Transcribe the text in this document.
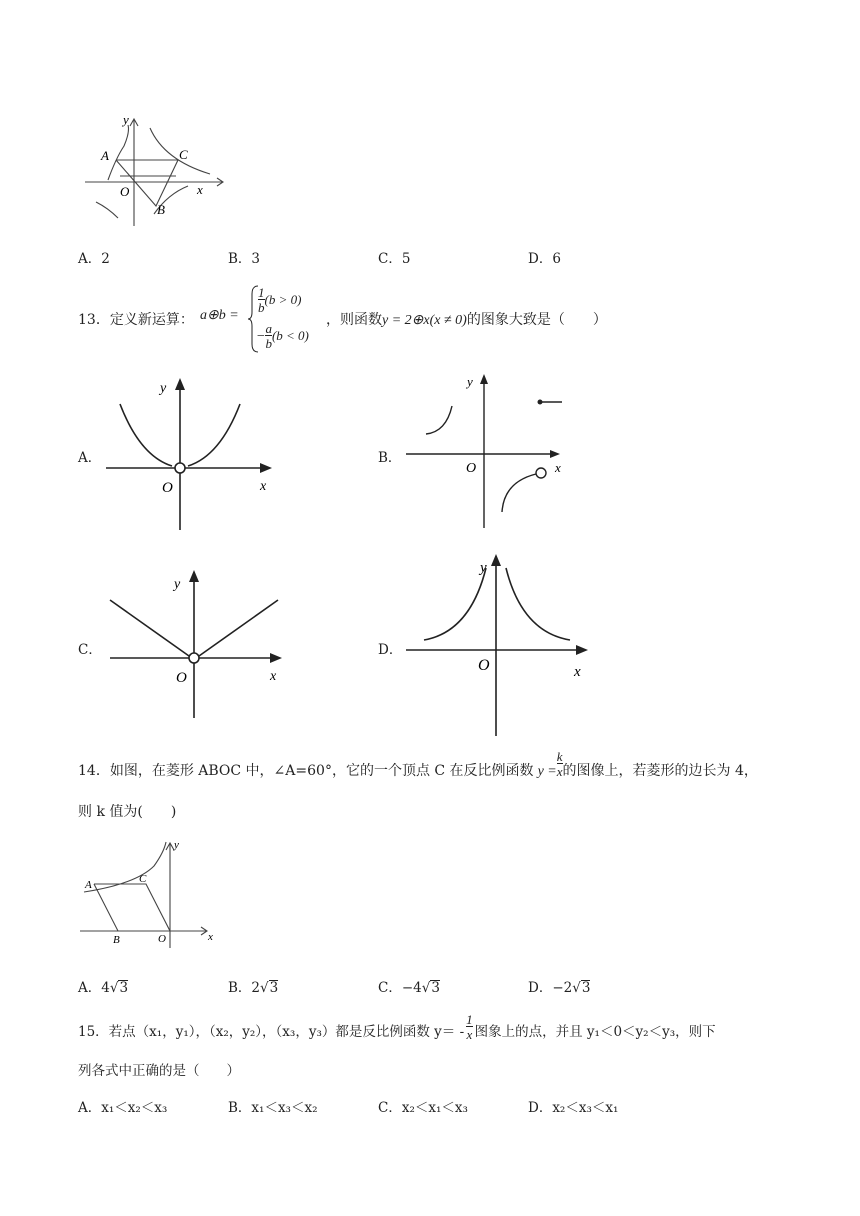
x
y
O
A	C
B
A．2	B．3	C．5	D．6
13．定义新运算： a⊕b =
$\frac{1}{b} (b > 0)$
− $\frac{a}{b} (b < 0)$
，则函数y = 2⊕x(x ≠ 0)的图象大致是（　　）
A．
x
y
O
B．
x
y
O
C．
x
y
O
D．
x
y
O
14．如图，在菱形 ABOC 中，∠A=60°，它的一个顶点 C 在反比例函数 $y = \frac{k}{x}$ 的图像上，若菱形的边长为 4，
则 k 值为(　　)
x
y
O
A	C
B
A．4√3	B．2√3	C．−4√3	D．−2√3
15．若点（x₁，y₁），（x₂，y₂），（x₃，y₃）都是反比例函数 $y= - \frac{1}{x}$ 图象上的点，并且 y₁＜0＜y₂＜y₃，则下
列各式中正确的是（　　）
A．x₁＜x₂＜x₃	B．x₁＜x₃＜x₂	C．x₂＜x₁＜x₃	D．x₂＜x₃＜x₁
